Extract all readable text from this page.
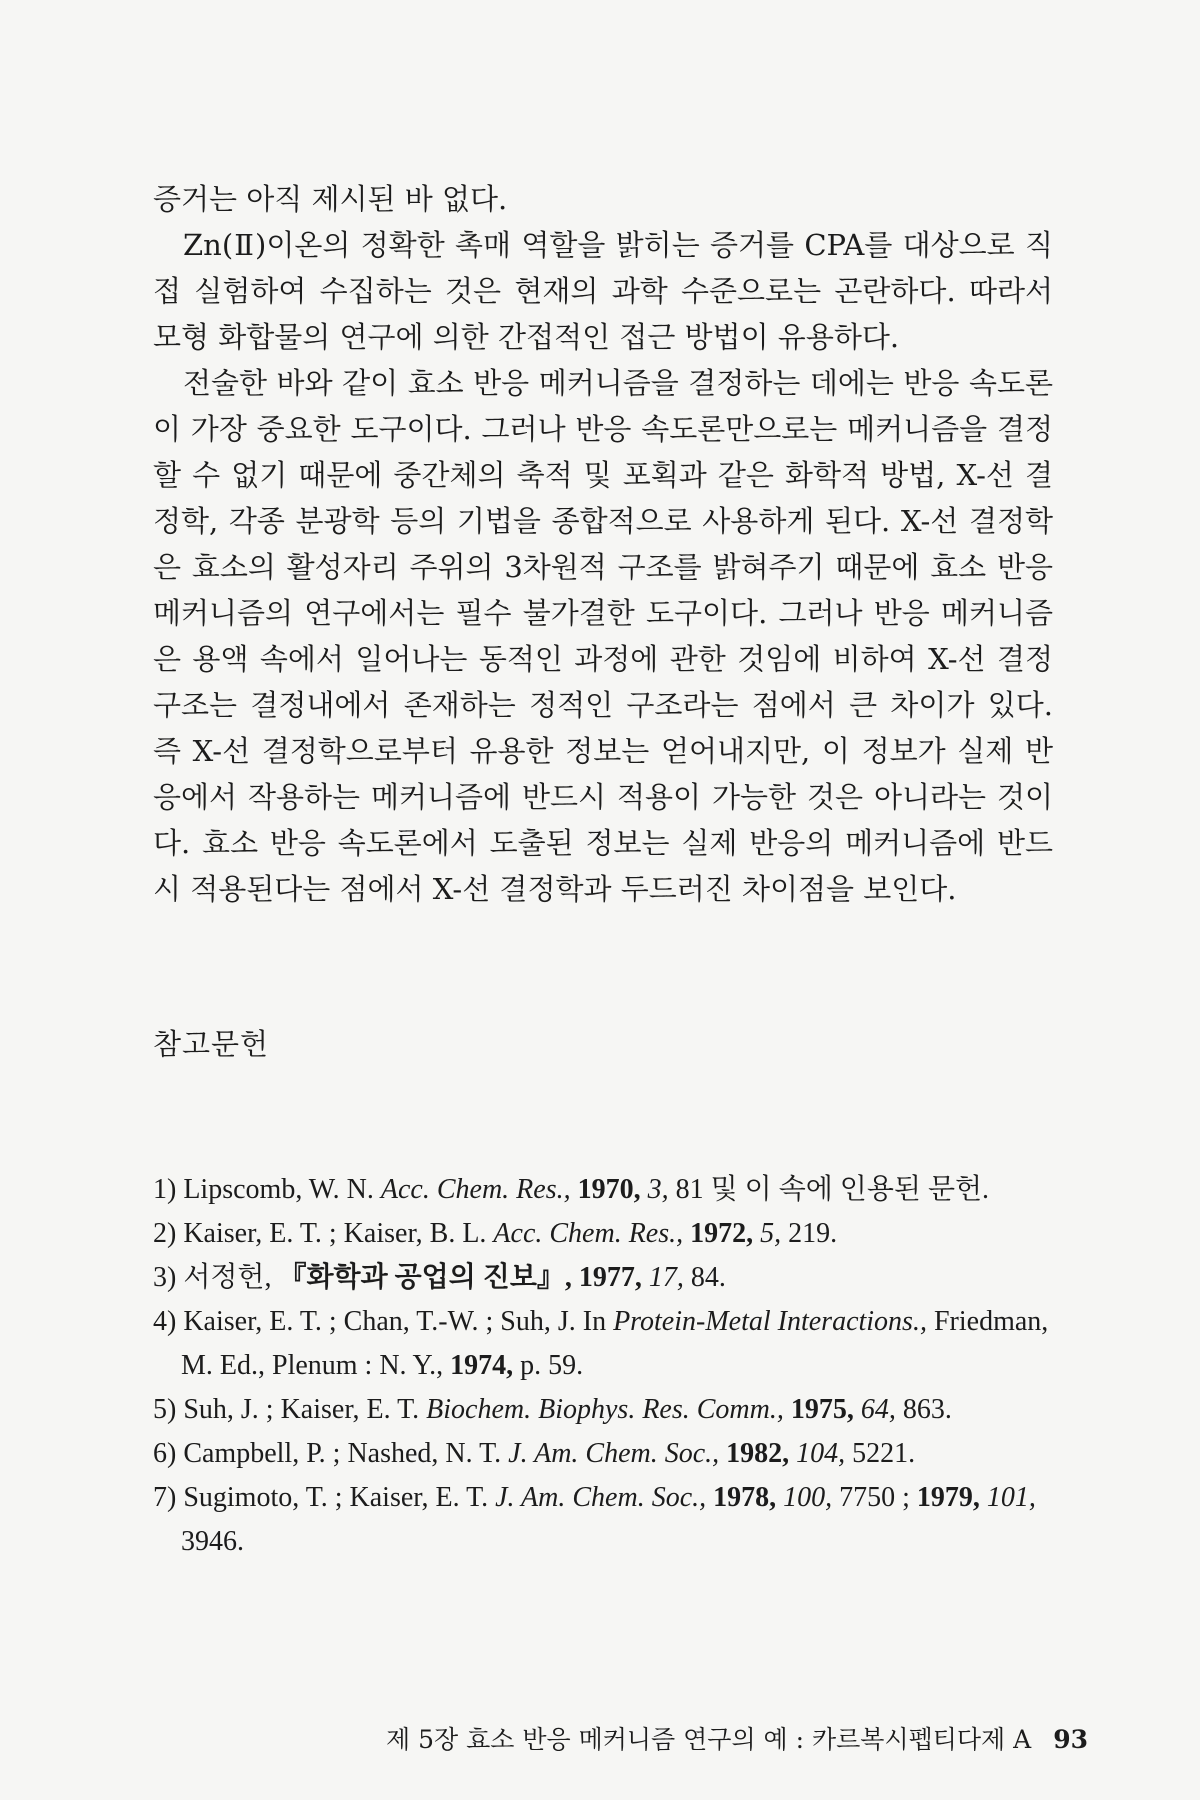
증거는 아직 제시된 바 없다.

Zn(Ⅱ)이온의 정확한 촉매 역할을 밝히는 증거를 CPA를 대상으로 직접 실험하여 수집하는 것은 현재의 과학 수준으로는 곤란하다. 따라서 모형 화합물의 연구에 의한 간접적인 접근 방법이 유용하다.

전술한 바와 같이 효소 반응 메커니즘을 결정하는 데에는 반응 속도론이 가장 중요한 도구이다. 그러나 반응 속도론만으로는 메커니즘을 결정할 수 없기 때문에 중간체의 축적 및 포획과 같은 화학적 방법, X-선 결정학, 각종 분광학 등의 기법을 종합적으로 사용하게 된다. X-선 결정학은 효소의 활성자리 주위의 3차원적 구조를 밝혀주기 때문에 효소 반응 메커니즘의 연구에서는 필수 불가결한 도구이다. 그러나 반응 메커니즘은 용액 속에서 일어나는 동적인 과정에 관한 것임에 비하여 X-선 결정 구조는 결정내에서 존재하는 정적인 구조라는 점에서 큰 차이가 있다. 즉 X-선 결정학으로부터 유용한 정보는 얻어내지만, 이 정보가 실제 반응에서 작용하는 메커니즘에 반드시 적용이 가능한 것은 아니라는 것이다. 효소 반응 속도론에서 도출된 정보는 실제 반응의 메커니즘에 반드시 적용된다는 점에서 X-선 결정학과 두드러진 차이점을 보인다.

참고문헌

1) Lipscomb, W. N. Acc. Chem. Res., 1970, 3, 81 및 이 속에 인용된 문헌.

2) Kaiser, E. T. ; Kaiser, B. L. Acc. Chem. Res., 1972, 5, 219.

3) 서정헌, 『화학과 공업의 진보』, 1977, 17, 84.

4) Kaiser, E. T. ; Chan, T.-W. ; Suh, J. In Protein-Metal Interactions., Friedman, M. Ed., Plenum : N. Y., 1974, p. 59.

5) Suh, J. ; Kaiser, E. T. Biochem. Biophys. Res. Comm., 1975, 64, 863.

6) Campbell, P. ; Nashed, N. T. J. Am. Chem. Soc., 1982, 104, 5221.

7) Sugimoto, T. ; Kaiser, E. T. J. Am. Chem. Soc., 1978, 100, 7750 ; 1979, 101, 3946.

제 5장 효소 반응 메커니즘 연구의 예 : 카르복시펩티다제 A 93
